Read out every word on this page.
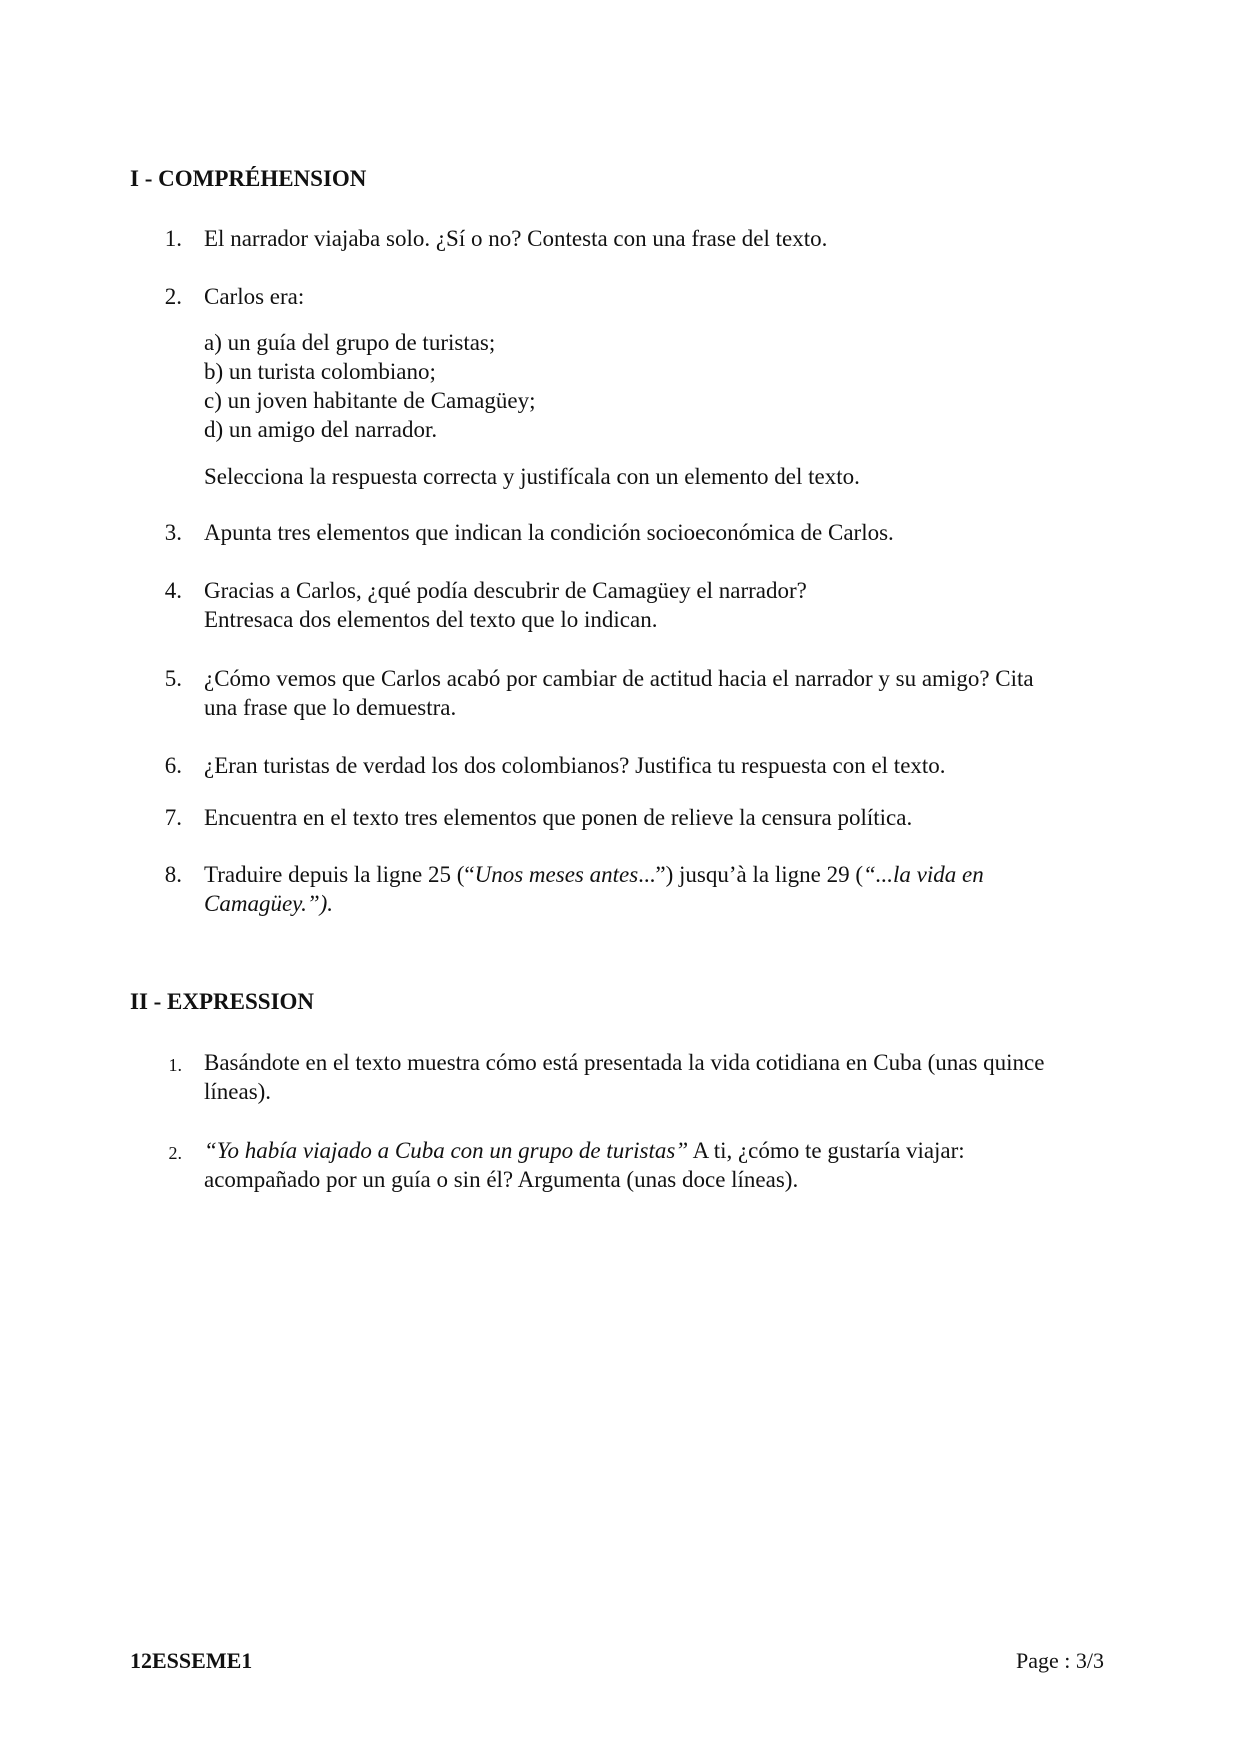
I - COMPRÉHENSION
1. El narrador viajaba solo. ¿Sí o no? Contesta con una frase del texto.

2. Carlos era:

a) un guía del grupo de turistas;
b) un turista colombiano;
c) un joven habitante de Camagüey;
d) un amigo del narrador.

Selecciona la respuesta correcta y justifícala con un elemento del texto.

3. Apunta tres elementos que indican la condición socioeconómica de Carlos.

4. Gracias a Carlos, ¿qué podía descubrir de Camagüey el narrador?
Entresaca dos elementos del texto que lo indican.
5. ¿Cómo vemos que Carlos acabó por cambiar de actitud hacia el narrador y su amigo? Cita
una frase que lo demuestra.
6. ¿Eran turistas de verdad los dos colombianos? Justifica tu respuesta con el texto.

7. Encuentra en el texto tres elementos que ponen de relieve la censura política.

8. Traduire depuis la ligne 25 (“Unos meses antes...”) jusqu’à la ligne 29 (“...la vida en
Camagüey.”).
II - EXPRESSION
1. Basándote en el texto muestra cómo está presentada la vida cotidiana en Cuba (unas quince
líneas).
2. “Yo había viajado a Cuba con un grupo de turistas” A ti, ¿cómo te gustaría viajar:
acompañado por un guía o sin él? Argumenta (unas doce líneas).
12ESSEME1	Page : 3/3
